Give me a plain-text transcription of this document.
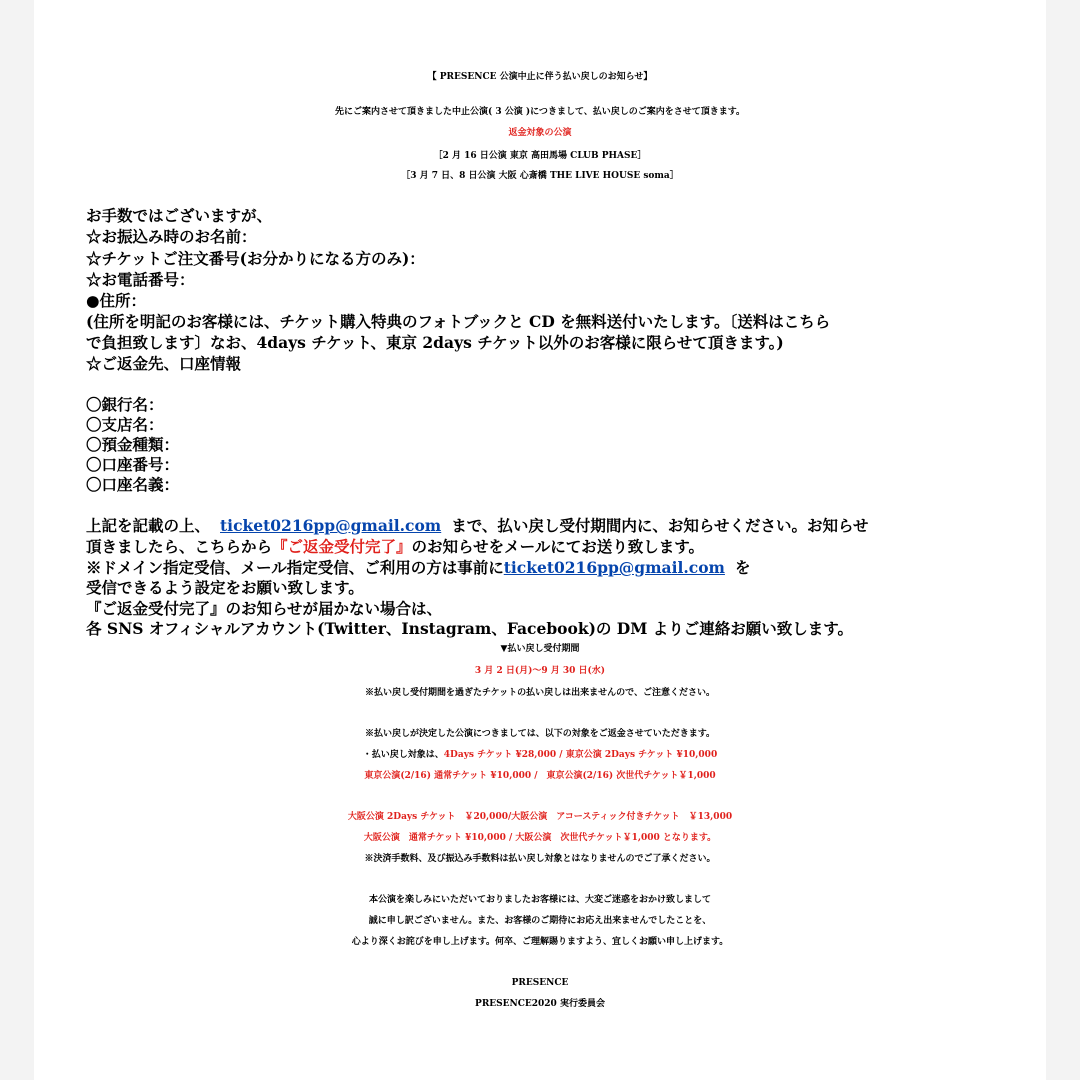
【 PRESENCE 公演中止に伴う払い戻しのお知らせ】

先にご案内させて頂きました中止公演( 3 公演 )につきまして、払い戻しのご案内をさせて頂きます。

返金対象の公演

［2 月 16 日公演 東京 高田馬場 CLUB PHASE］

［3 月 7 日、8 日公演 大阪 心斎橋 THE LIVE HOUSE soma］

お手数ではございますが、

☆お振込み時のお名前：

☆チケットご注文番号(お分かりになる方のみ)：

☆お電話番号：

●住所：

(住所を明記のお客様には、チケット購入特典のフォトブックと CD を無料送付いたします。〔送料はこちら

で負担致します〕なお、4days チケット、東京 2days チケット以外のお客様に限らせて頂きます。)

☆ご返金先、口座情報

〇銀行名：

〇支店名：

〇預金種類：

〇口座番号：

〇口座名義：

上記を記載の上、 ticket0216pp@gmail.com まで、払い戻し受付期間内に、お知らせください。お知らせ

頂きましたら、こちらから『ご返金受付完了』のお知らせをメールにてお送り致します。

※ドメイン指定受信、メール指定受信、ご利用の方は事前にticket0216pp@gmail.com を

受信できるよう設定をお願い致します。

『ご返金受付完了』のお知らせが届かない場合は、

各 SNS オフィシャルアカウント(Twitter、Instagram、Facebook)の DM よりご連絡お願い致します。

▼払い戻し受付期間

3 月 2 日(月)～9 月 30 日(水)

※払い戻し受付期間を過ぎたチケットの払い戻しは出来ませんので、ご注意ください。

※払い戻しが決定した公演につきましては、以下の対象をご返金させていただきます。

・払い戻し対象は、4Days チケット ¥28,000 / 東京公演 2Days チケット ¥10,000

東京公演(2/16) 通常チケット ¥10,000 /　東京公演(2/16) 次世代チケット￥1,000

大阪公演 2Days チケット　￥20,000/大阪公演　アコースティック付きチケット　￥13,000

大阪公演　通常チケット ¥10,000 / 大阪公演　次世代チケット￥1,000 となります。

※決済手数料、及び振込み手数料は払い戻し対象とはなりませんのでご了承ください。

本公演を楽しみにいただいておりましたお客様には、大変ご迷惑をおかけ致しまして

誠に申し訳ございません。また、お客様のご期待にお応え出来ませんでしたことを、

心より深くお詫びを申し上げます。何卒、ご理解賜りますよう、宜しくお願い申し上げます。

PRESENCE

PRESENCE2020 実行委員会
